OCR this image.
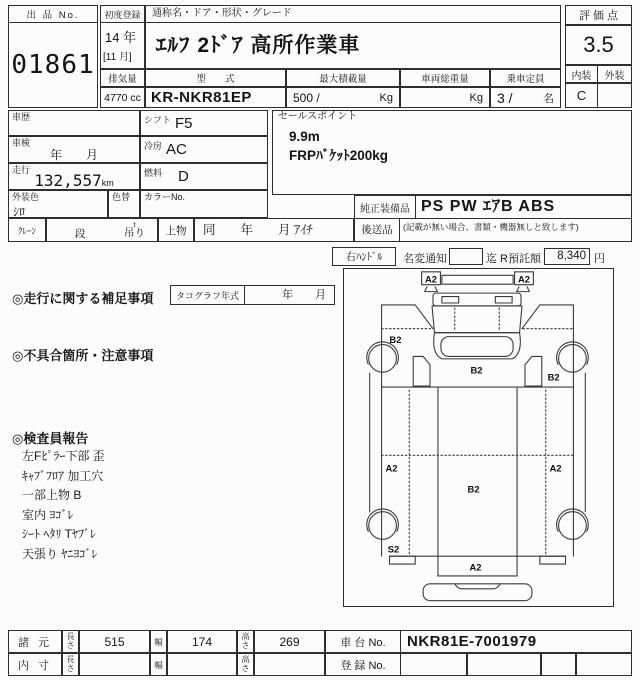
出 品 No.
01861
初度登録
14 年
[11 月]
通称名・ドア・形状・グレード
ｴﾙﾌ 2ﾄﾞｱ 高所作業車
排気量	型　　式	最大積載量	車両総重量	乗車定員
4770 cc KR-NKR81EP	500 /	Kg	Kg 3 /	名
評 価 点
3.5
内装	外装
C
車歴	シフト F5
車検
年　　月
冷房 AC
走行
132,557km
燃料 D
外装色
ｼﾛ
色替 カラーNo.
ｸﾚｰﾝ	段
t
吊り	上物	同　　年　　月 ｱｲﾁ
セールスポイント
9.9m
FRPﾊﾞｹｯﾄ200kg
純正装備品 PS PW ｴｱB ABS
後送品	(記載が無い場合、書類・機器無しと致します)
右ﾊﾝﾄﾞﾙ	名変通知	迄 R預託額	8,340 円
◎走行に関する補足事項	タコグラフ年式	年　　月
◎不具合箇所・注意事項
◎検査員報告
左Fﾋﾟﾗｰ下部 歪
ｷｬﾌﾞﾌﾛｱ 加工穴
一部上物 B
室内 ﾖｺﾞﾚ
ｼｰﾄ ﾍﾀﾘ Tﾔﾌﾞﾚ
天張り ﾔﾆﾖｺﾞﾚ
A2	A2
B2
B2
B2
A2	A2
B2
S2
A2
諸 元	長さ	515	幅	174	高さ	269	車 台 No.	NKR81E-7001979
内 寸	長さ	幅	高さ	登 録 No.
